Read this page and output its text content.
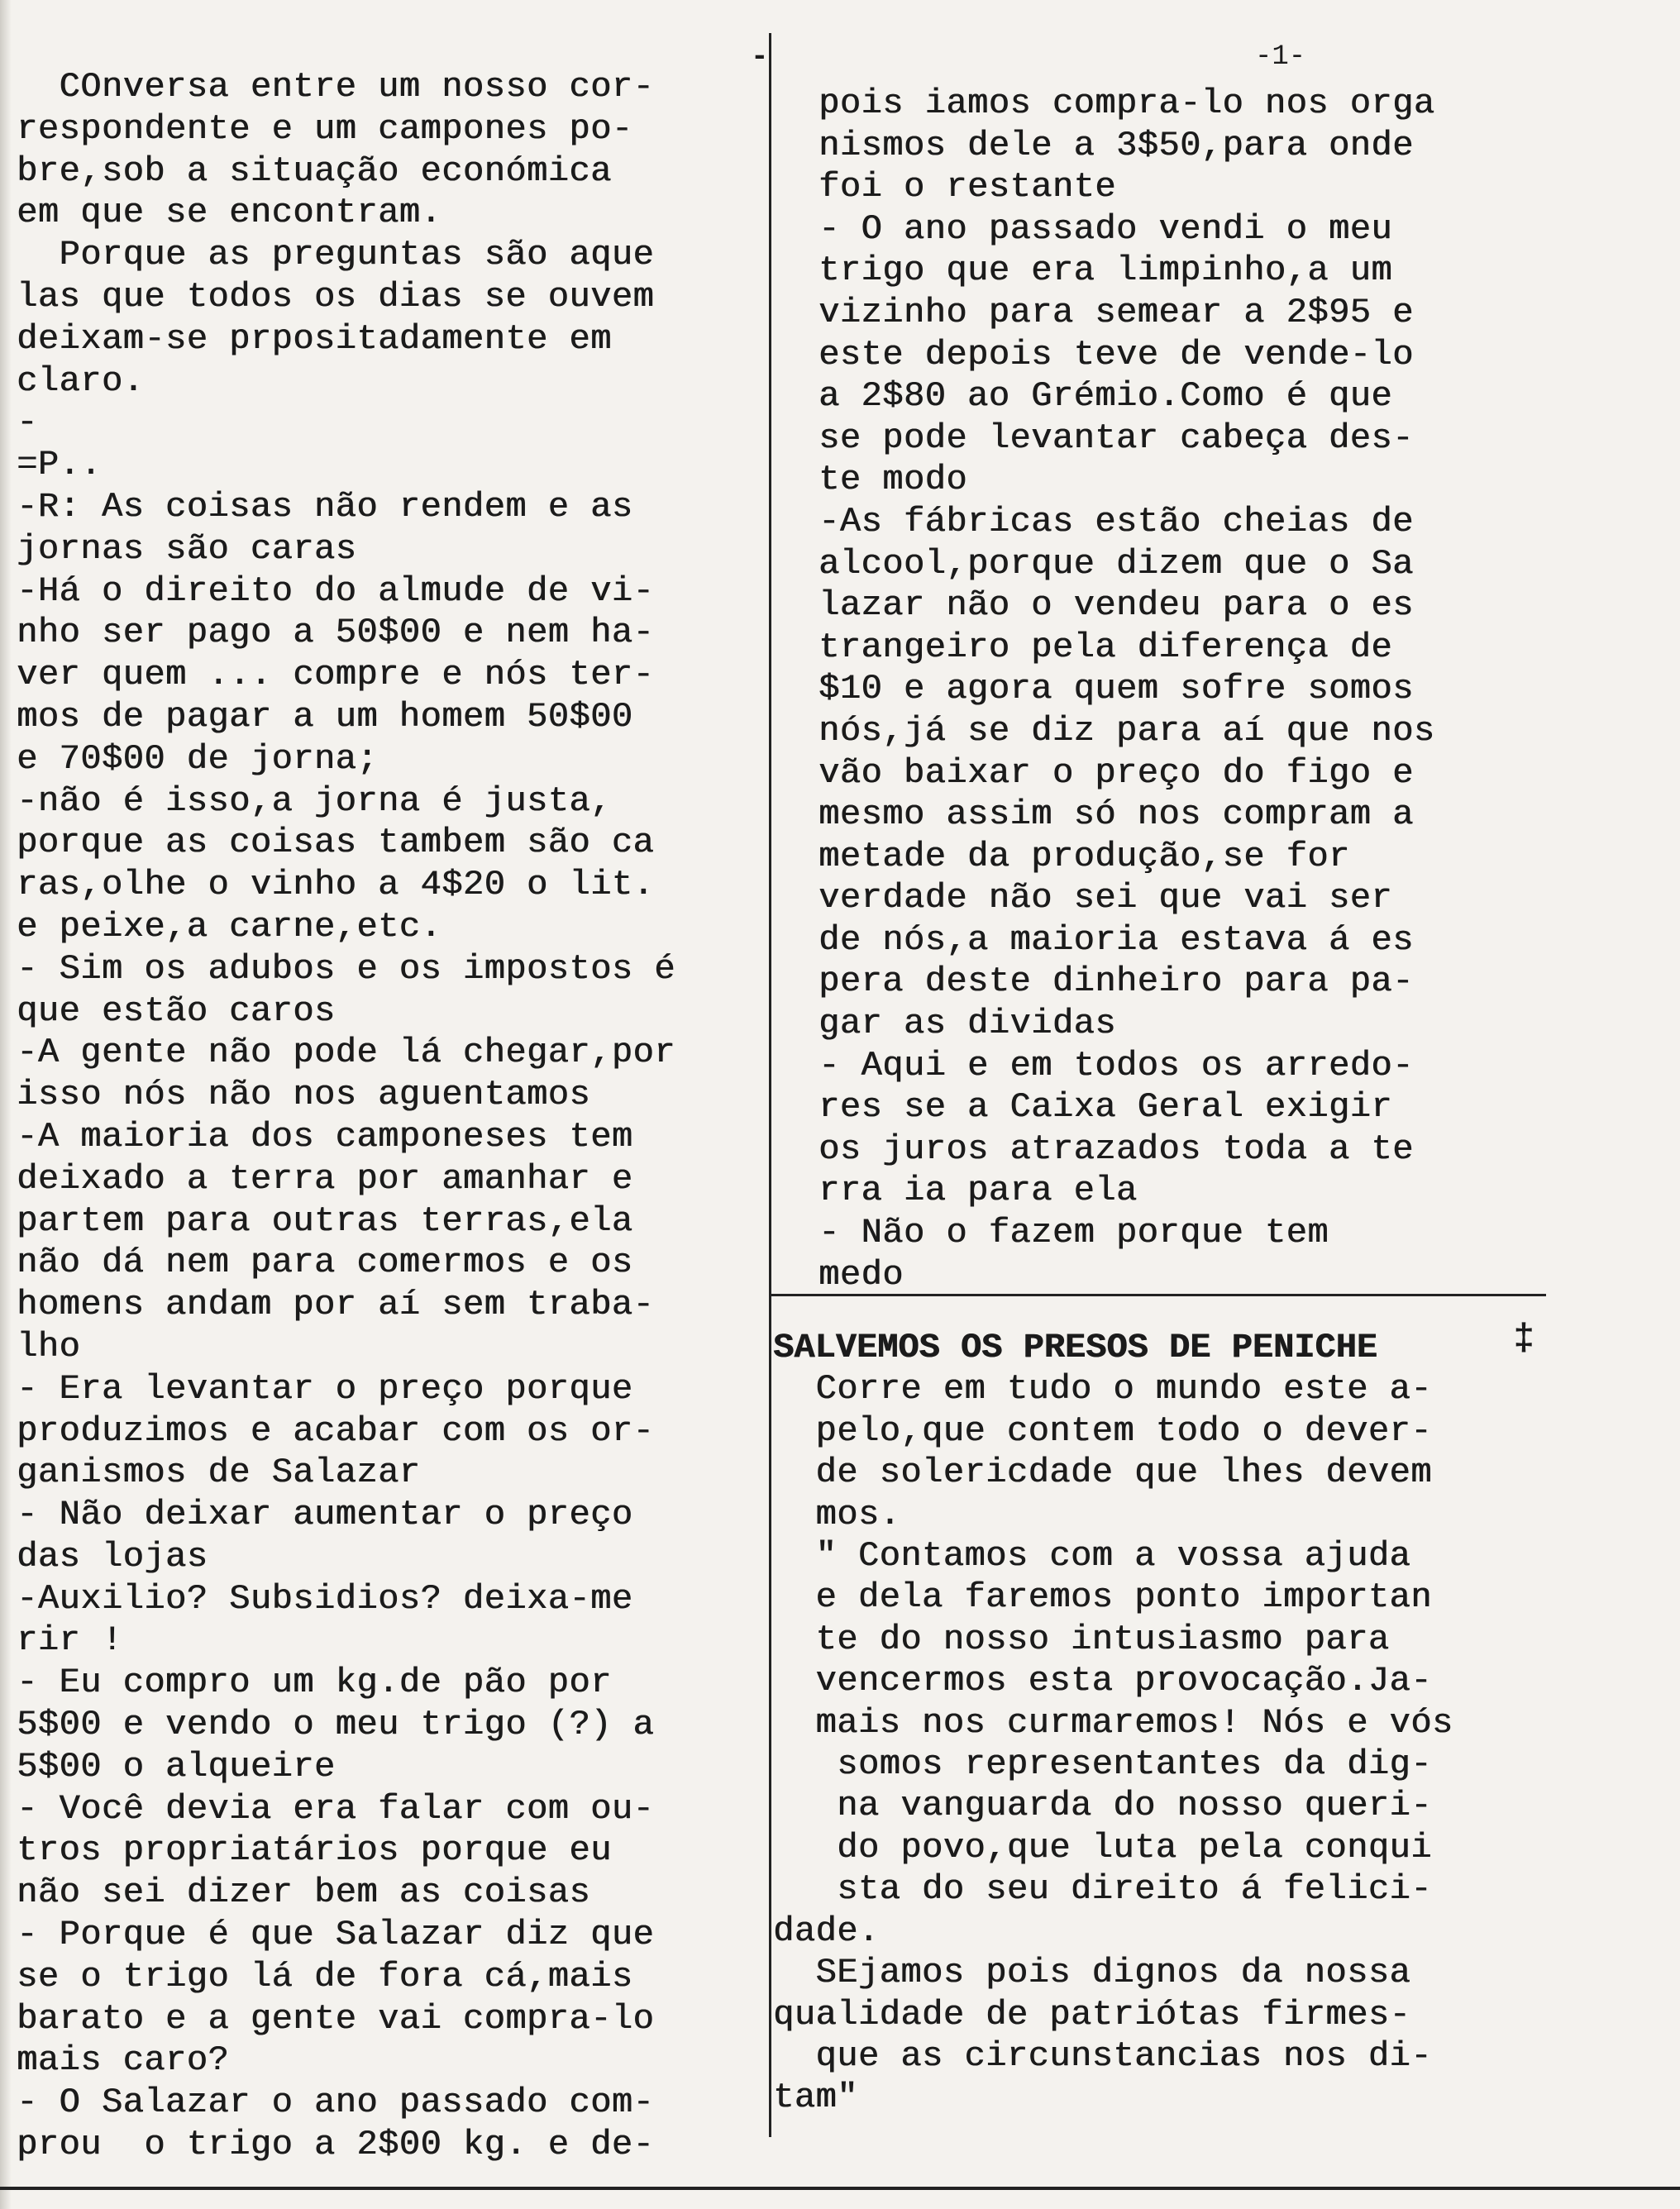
-	-1-
COnversa entre um nosso cor-
respondente e um campones po-
bre,sob a situação económica
em que se encontram.
Porque as preguntas são aque
las que todos os dias se ouvem
deixam-se prpositadamente em
claro.
-
=P..
-R: As coisas não rendem e as
jornas são caras
-Há o direito do almude de vi-
nho ser pago a 50$00 e nem ha-
ver quem ... compre e nós ter-
mos de pagar a um homem 50$00
e 70$00 de jorna;
-não é isso,a jorna é justa,
porque as coisas tambem são ca
ras,olhe o vinho a 4$20 o lit.
e peixe,a carne,etc.
- Sim os adubos e os impostos é
que estão caros
-A gente não pode lá chegar,por
isso nós não nos aguentamos
-A maioria dos camponeses tem
deixado a terra por amanhar e
partem para outras terras,ela
não dá nem para comermos e os
homens andam por aí sem traba-
lho
- Era levantar o preço porque
produzimos e acabar com os or-
ganismos de Salazar
- Não deixar aumentar o preço
das lojas
-Auxilio? Subsidios? deixa-me
rir !
- Eu compro um kg.de pão por
5$00 e vendo o meu trigo (?) a
5$00 o alqueire
- Você devia era falar com ou-
tros propriatários porque eu
não sei dizer bem as coisas
- Porque é que Salazar diz que
se o trigo lá de fora cá,mais
barato e a gente vai compra-lo
mais caro?
- O Salazar o ano passado com-
prou  o trigo a 2$00 kg. e de-
pois iamos compra-lo nos orga
nismos dele a 3$50,para onde
foi o restante
- O ano passado vendi o meu
trigo que era limpinho,a um
vizinho para semear a 2$95 e
este depois teve de vende-lo
a 2$80 ao Grémio.Como é que
se pode levantar cabeça des-
te modo
-As fábricas estão cheias de
alcool,porque dizem que o Sa
lazar não o vendeu para o es
trangeiro pela diferença de
$10 e agora quem sofre somos
nós,já se diz para aí que nos
vão baixar o preço do figo e
mesmo assim só nos compram a
metade da produção,se for
verdade não sei que vai ser
de nós,a maioria estava á es
pera deste dinheiro para pa-
gar as dividas
- Aqui e em todos os arredo-
res se a Caixa Geral exigir
os juros atrazados toda a te
rra ia para ela
- Não o fazem porque tem
medo
SALVEMOS OS PRESOS DE PENICHE
Corre em tudo o mundo este a-
pelo,que contem todo o dever-
de solericdade que lhes devem
mos.
" Contamos com a vossa ajuda
e dela faremos ponto importan
te do nosso intusiasmo para
vencermos esta provocação.Ja-
mais nos curmaremos! Nós e vós
somos representantes da dig-
na vanguarda do nosso queri-
do povo,que luta pela conqui
sta do seu direito á felici-
dade.
SEjamos pois dignos da nossa
qualidade de patriótas firmes-
que as circunstancias nos di-
tam"
‡
